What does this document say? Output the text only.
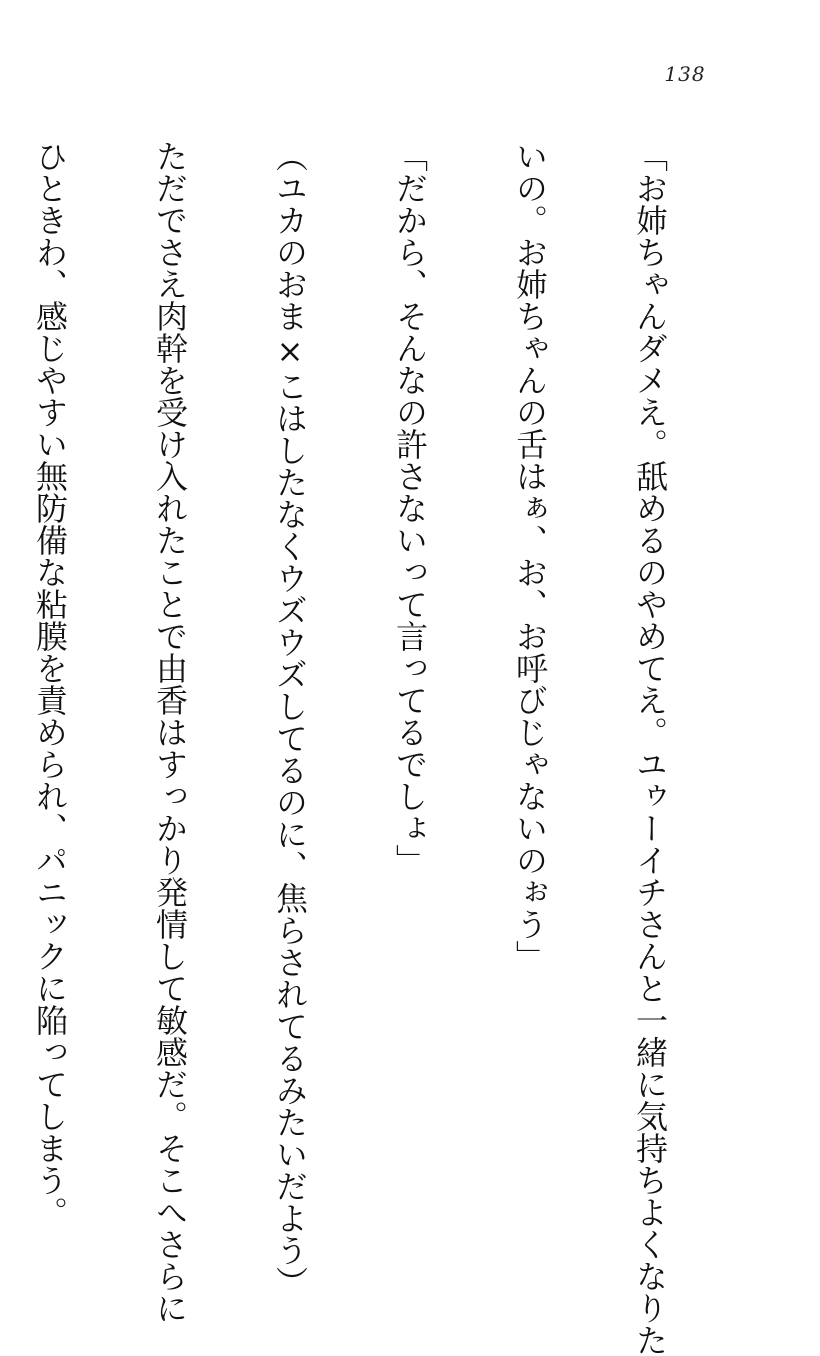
138

「お姉ちゃんダメえ。舐めるのやめてえ。ユゥーイチさんと一緒に気持ちよくなりた

いの。お姉ちゃんの舌はぁ、お、お呼びじゃないのぉう」

「だから、そんなの許さないって言ってるでしょ」

（ユカのおま×こはしたなくウズウズしてるのに、焦らされてるみたいだよう）

ただでさえ肉幹を受け入れたことで由香はすっかり発情して敏感だ。そこへさらに

ひときわ、感じやすい無防備な粘膜を責められ、パニックに陥ってしまう。
